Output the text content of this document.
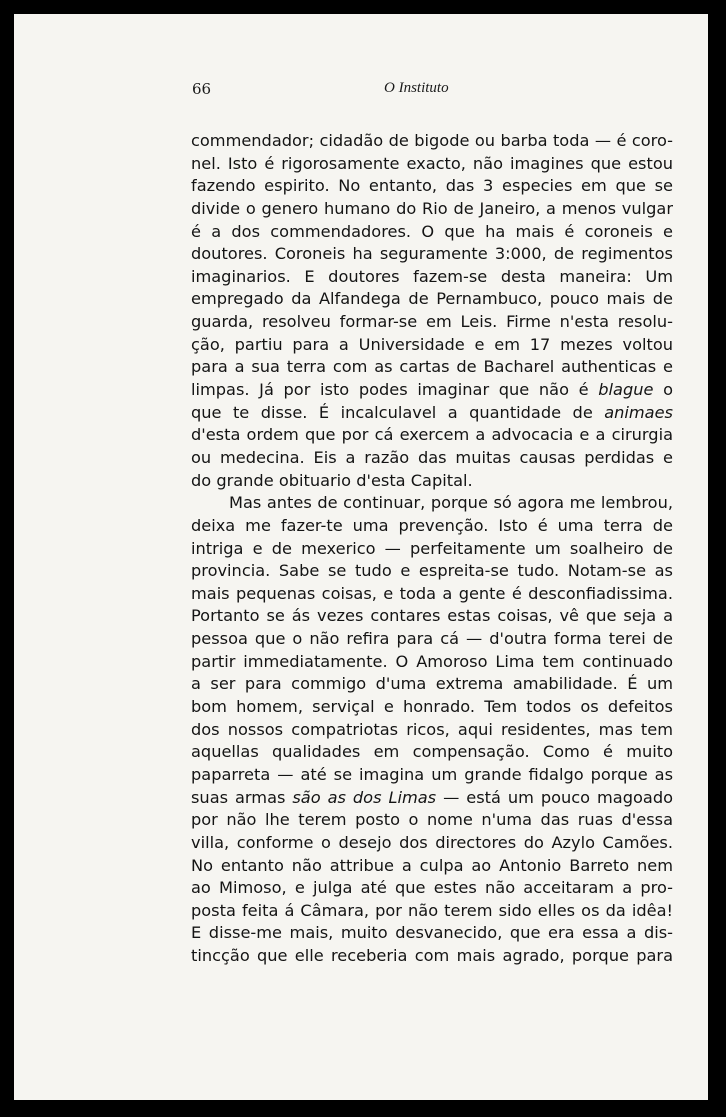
66	O Instituto
commendador; cidadão de bigode ou barba toda — é coro-
nel. Isto é rigorosamente exacto, não imagines que estou
fazendo espirito. No entanto, das 3 especies em que se
divide o genero humano do Rio de Janeiro, a menos vulgar
é a dos commendadores. O que ha mais é coroneis e
doutores. Coroneis ha seguramente 3:000, de regimentos
imaginarios. E doutores fazem-se desta maneira: Um
empregado da Alfandega de Pernambuco, pouco mais de
guarda, resolveu formar-se em Leis. Firme n'esta resolu-
ção, partiu para a Universidade e em 17 mezes voltou
para a sua terra com as cartas de Bacharel authenticas e
limpas. Já por isto podes imaginar que não é blague o
que te disse. É incalculavel a quantidade de animaes
d'esta ordem que por cá exercem a advocacia e a cirurgia
ou medecina. Eis a razão das muitas causas perdidas e
do grande obituario d'esta Capital.
Mas antes de continuar, porque só agora me lembrou,
deixa me fazer-te uma prevenção. Isto é uma terra de
intriga e de mexerico — perfeitamente um soalheiro de
provincia. Sabe se tudo e espreita-se tudo. Notam-se as
mais pequenas coisas, e toda a gente é desconfiadissima.
Portanto se ás vezes contares estas coisas, vê que seja a
pessoa que o não refira para cá — d'outra forma terei de
partir immediatamente. O Amoroso Lima tem continuado
a ser para commigo d'uma extrema amabilidade. É um
bom homem, serviçal e honrado. Tem todos os defeitos
dos nossos compatriotas ricos, aqui residentes, mas tem
aquellas qualidades em compensação. Como é muito
paparreta — até se imagina um grande fidalgo porque as
suas armas são as dos Limas — está um pouco magoado
por não lhe terem posto o nome n'uma das ruas d'essa
villa, conforme o desejo dos directores do Azylo Camões.
No entanto não attribue a culpa ao Antonio Barreto nem
ao Mimoso, e julga até que estes não acceitaram a pro-
posta feita á Câmara, por não terem sido elles os da idêa!
E disse-me mais, muito desvanecido, que era essa a dis-
tincção que elle receberia com mais agrado, porque para
